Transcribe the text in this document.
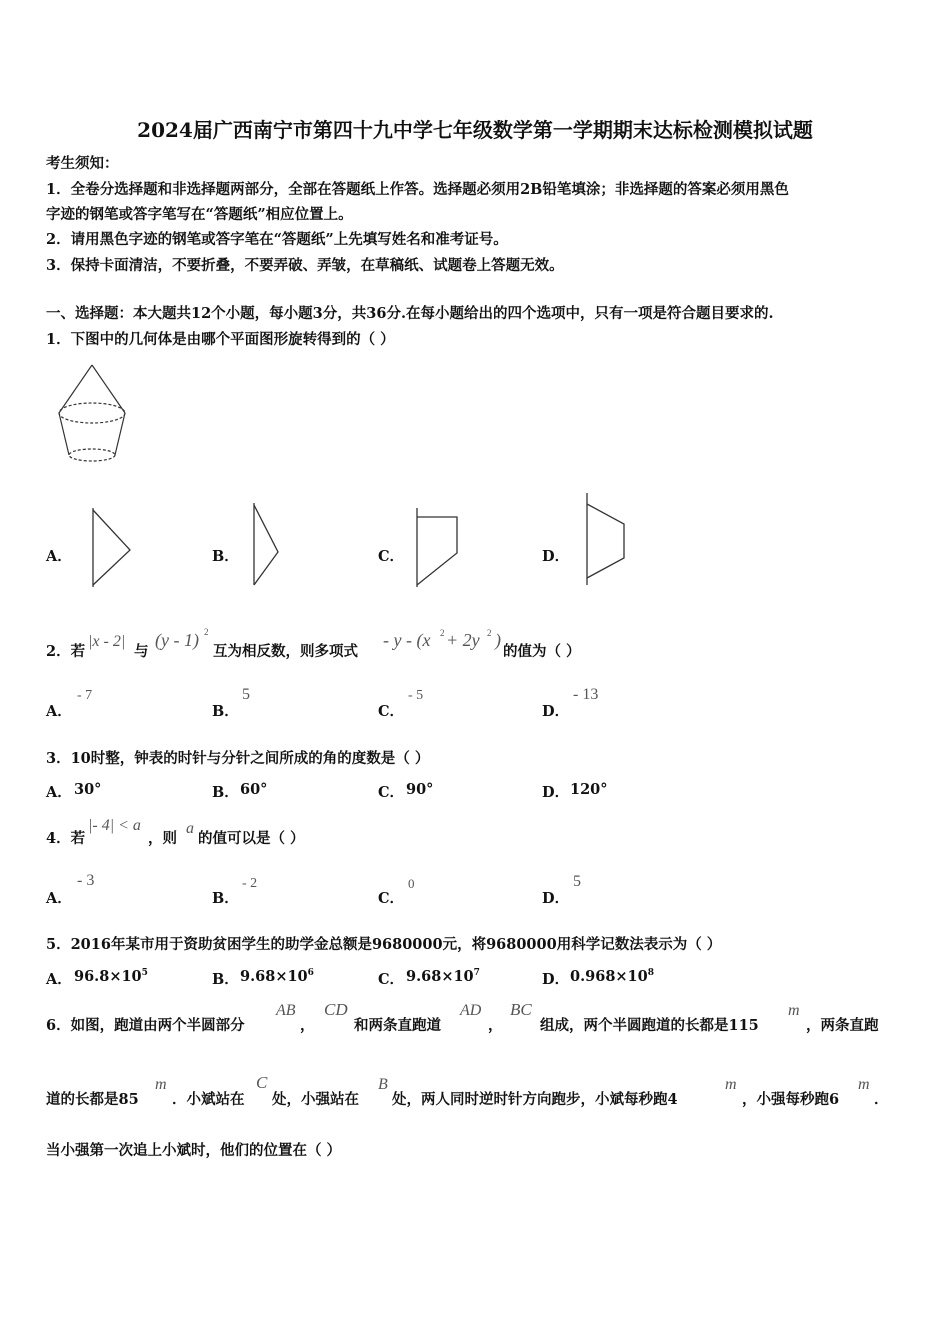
2024届广西南宁市第四十九中学七年级数学第一学期期末达标检测模拟试题
考生须知：
1．全卷分选择题和非选择题两部分，全部在答题纸上作答。选择题必须用2B铅笔填涂；非选择题的答案必须用黑色
字迹的钢笔或答字笔写在“答题纸”相应位置上。
2．请用黑色字迹的钢笔或答字笔在“答题纸”上先填写姓名和准考证号。
3．保持卡面清洁，不要折叠，不要弄破、弄皱，在草稿纸、试题卷上答题无效。
一、选择题：本大题共12个小题，每小题3分，共36分.在每小题给出的四个选项中，只有一项是符合题目要求的.
1．下图中的几何体是由哪个平面图形旋转得到的（ ）
A．	B．	C．	D．
2．若
|x - 2|
与
(y - 1) 2
互为相反数，则多项式
- y - (x 2 + 2y 2 )
的值为（ ）
A．
- 7
B．
5
C．
- 5
D．
- 13
3．10时整，钟表的时针与分针之间所成的角的度数是（ ）
A． 30°	B． 60°	C． 90°	D． 120°
4．若
|- 4| < a
，则
a
的值可以是（ ）
A．
- 3
B．
- 2
C．
0
D．
5
5．2016年某市用于资助贫困学生的助学金总额是9680000元，将9680000用科学记数法表示为（ ）
A． $96.8\times 10^5$	B． $9.68\times 10^6$	C． $9.68\times 10^7$	D． $0.968\times 10^8$
6．如图，跑道由两个半圆部分
AB
，
CD
和两条直跑道
AD
，
BC
组成，两个半圆跑道的长都是115
m
，两条直跑
道的长都是85
m
．小斌站在
C
处，小强站在
B
处，两人同时逆时针方向跑步，小斌每秒跑4
m
，小强每秒跑6
m
．
当小强第一次追上小斌时，他们的位置在（ ）
